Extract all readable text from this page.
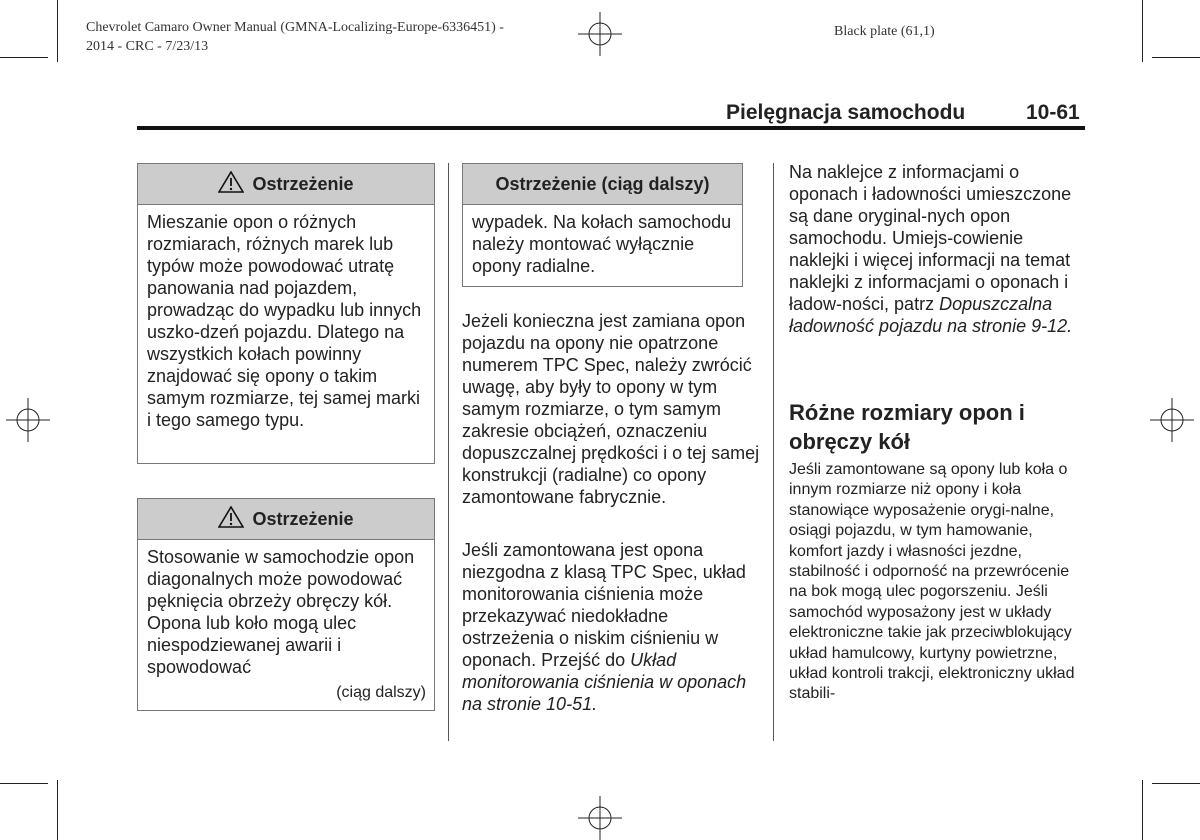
Chevrolet Camaro Owner Manual (GMNA-Localizing-Europe-6336451) -
2014 - CRC - 7/23/13
Black plate (61,1)
Pielęgnacja samochodu	10-61
Ostrzeżenie
Mieszanie opon o różnych rozmiarach, różnych marek lub typów może powodować utratę panowania nad pojazdem, prowadząc do wypadku lub innych uszko-dzeń pojazdu. Dlatego na wszystkich kołach powinny znajdować się opony o takim samym rozmiarze, tej samej marki i tego samego typu.
Ostrzeżenie
Stosowanie w samochodzie opon diagonalnych może powodować pęknięcia obrzeży obręczy kół. Opona lub koło mogą ulec niespodziewanej awarii i spowodować
(ciąg dalszy)
Ostrzeżenie (ciąg dalszy)
wypadek. Na kołach samochodu należy montować wyłącznie opony radialne.
Jeżeli konieczna jest zamiana opon pojazdu na opony nie opatrzone numerem TPC Spec, należy zwrócić uwagę, aby były to opony w tym samym rozmiarze, o tym samym zakresie obciążeń, oznaczeniu dopuszczalnej prędkości i o tej samej konstrukcji (radialne) co opony zamontowane fabrycznie.
Jeśli zamontowana jest opona niezgodna z klasą TPC Spec, układ monitorowania ciśnienia może przekazywać niedokładne ostrzeżenia o niskim ciśnieniu w oponach. Przejść do Układ monitorowania ciśnienia w oponach na stronie 10-51.
Na naklejce z informacjami o oponach i ładowności umieszczone są dane oryginal-nych opon samochodu. Umiejs-cowienie naklejki i więcej informacji na temat naklejki z informacjami o oponach i ładow-ności, patrz Dopuszczalna ładowność pojazdu na stronie 9-12.
Różne rozmiary opon i obręczy kół
Jeśli zamontowane są opony lub koła o innym rozmiarze niż opony i koła stanowiące wyposażenie orygi-nalne, osiągi pojazdu, w tym hamowanie, komfort jazdy i własności jezdne, stabilność i odporność na przewrócenie na bok mogą ulec pogorszeniu. Jeśli samochód wyposażony jest w układy elektroniczne takie jak przeciwblokujący układ hamulcowy, kurtyny powietrzne, układ kontroli trakcji, elektroniczny układ stabili-
